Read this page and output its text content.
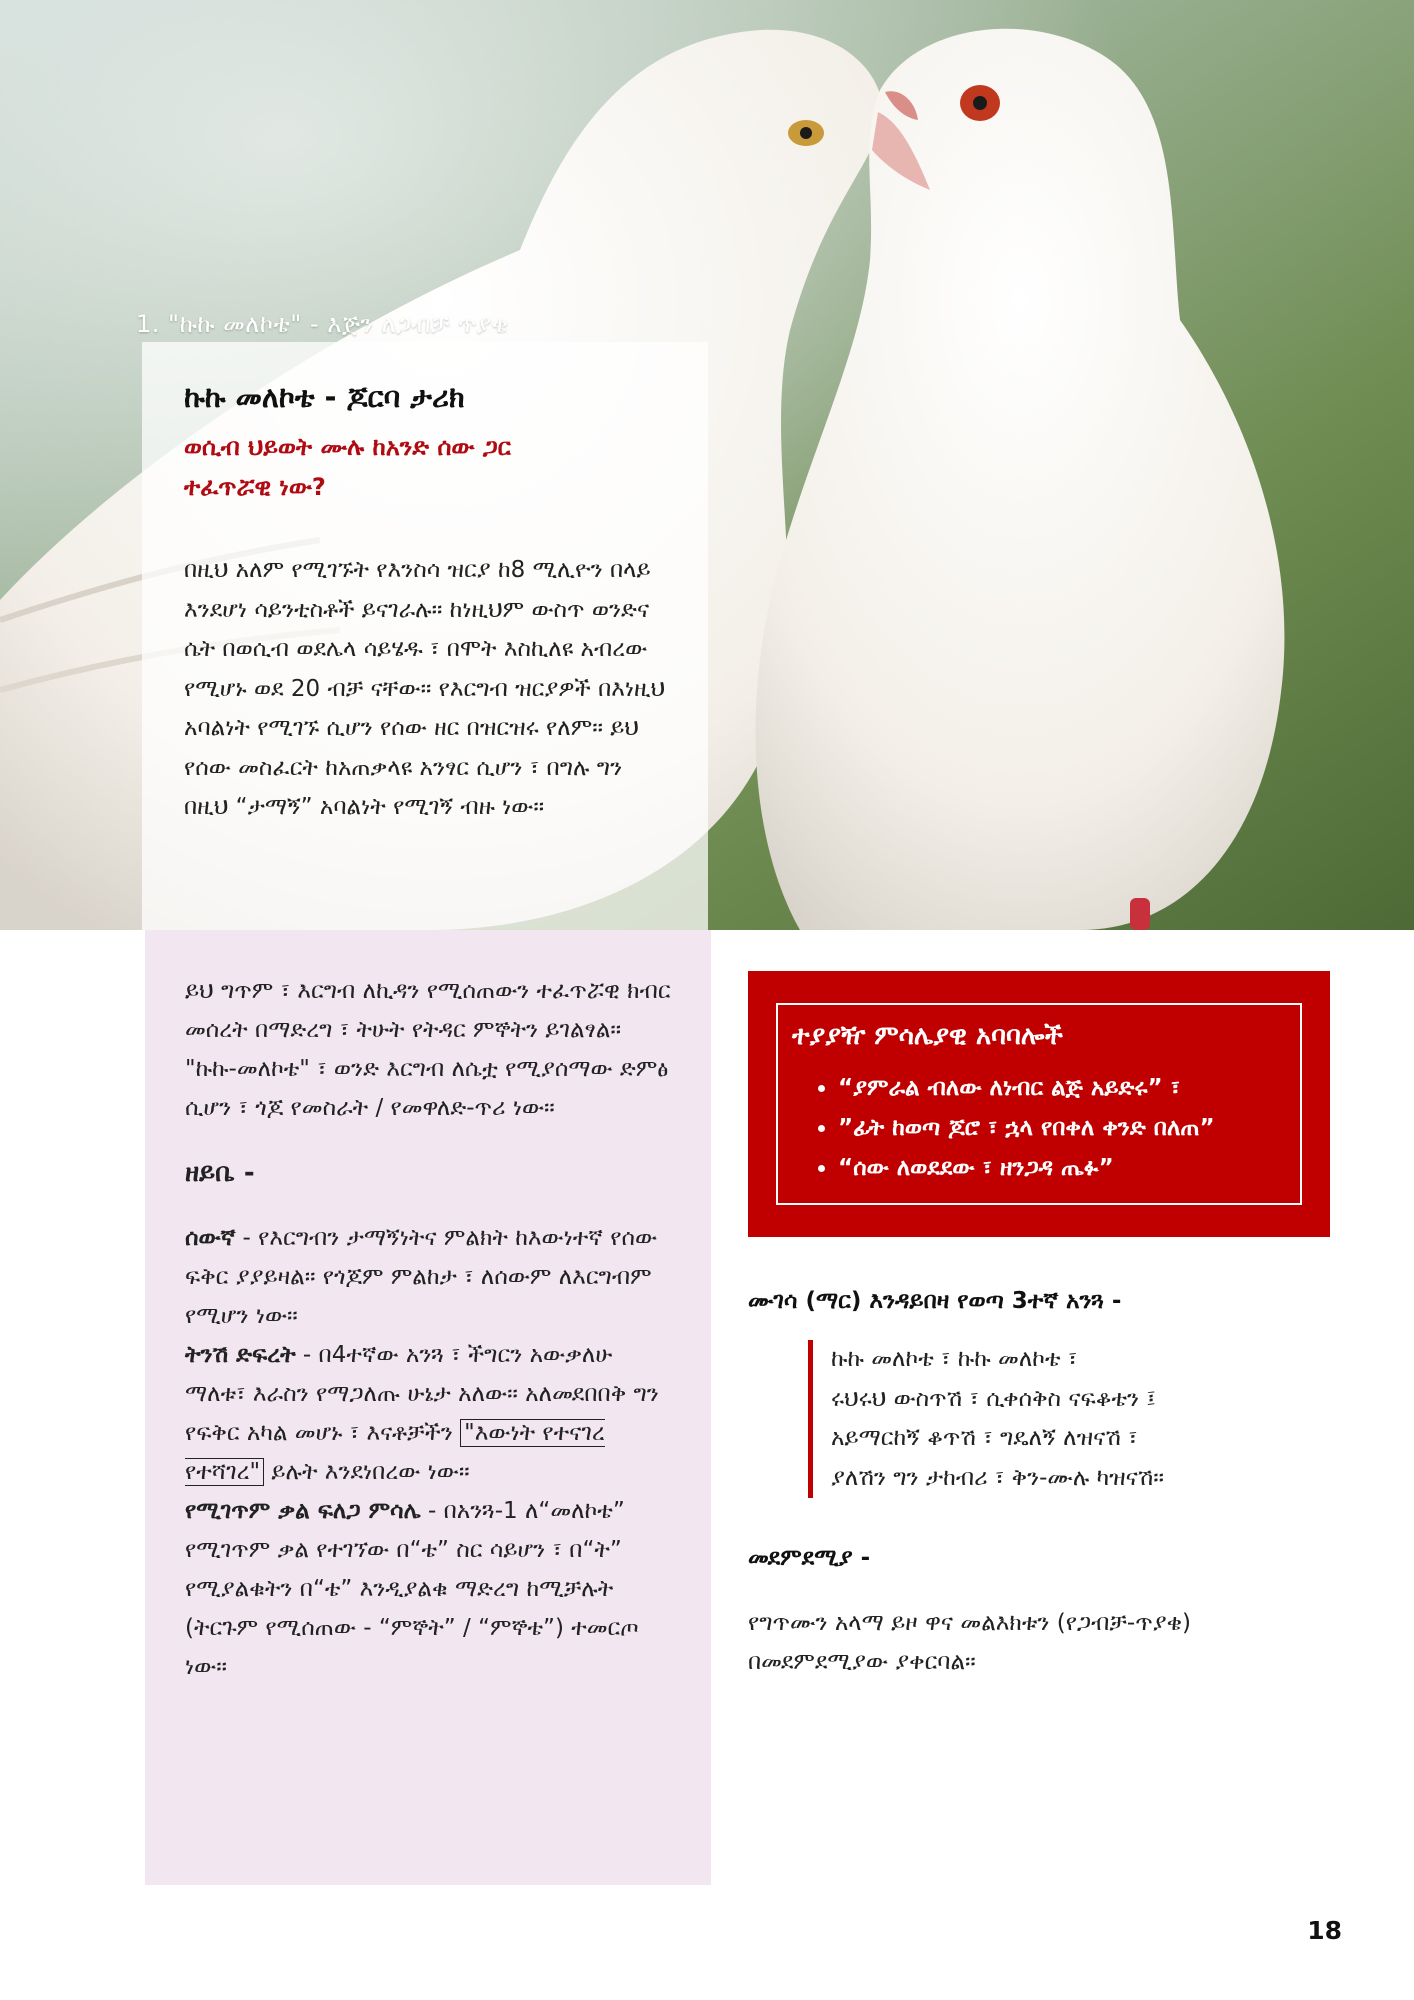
1. "ኩኩ መለኮቴ" - እጅን ለጋብቻ ጥያቄ
ኩኩ መለኮቴ - ጆርባ ታሪክ
ወሲብ ህይወት ሙሉ ከአንድ ሰው ጋር ተፈጥሯዊ ነው?
በዚህ አለም የሚገኙት የእንስሳ ዝርያ ከ8 ሚሊዮን በላይ እንደሆነ ሳይንቲስቶች ይናገራሉ። ከነዚህም ውስጥ ወንድና ሴት በወሲብ ወደሌላ ሳይሄዱ ፣ በሞት እስኪለዩ አብረው የሚሆኑ ወደ 20 ብቻ ናቸው። የእርግብ ዝርያዎች በእነዚህ አባልነት የሚገኙ ሲሆን የሰው ዘር በዝርዝሩ የለም። ይህ የሰው መስፈርት ከአጠቃላዩ አንፃር ሲሆን ፣ በግሉ ግን በዚህ “ታማኝ” አባልነት የሚገኝ ብዙ ነው።

ይህ ግጥም ፣ እርግብ ለኪዳን የሚሰጠውን ተፈጥሯዊ ክብር መሰረት በማድረግ ፣ ትሁት የትዳር ምኞትን ይገልፃል። "ኩኩ-መለኮቴ" ፣ ወንድ እርግብ ለሴቷ የሚያሰማው ድምፅ ሲሆን ፣ ጎጆ የመስራት / የመዋለድ-ጥሪ ነው።

ዘይቤ -

ሰውኛ - የእርግብን ታማኝነትና ምልክት ከእውነተኛ የሰው ፍቅር ያያይዛል። የጎጆም ምልከታ ፣ ለሰውም ለእርግብም የሚሆን ነው።

ትንሽ ድፍረት - በ4ተኛው አንጓ ፣ ችግርን አውቃለሁ ማለቱ፣ እራስን የማጋለጡ ሁኔታ አለው። አለመደበበቅ ግን የፍቅር አካል መሆኑ ፣ እናቶቻችን "እውነት የተናገረ የተሻገረ" ይሉት እንደነበረው ነው።

የሚገጥም ቃል ፍለጋ ምሳሌ - በአንጓ-1 ለ“መለኮቴ” የሚገጥም ቃል የተገኘው በ“ቴ” ስር ሳይሆን ፣ በ“ት” የሚያልቁትን በ“ቴ” እንዲያልቁ ማድረግ ከሚቻሉት (ትርጉም የሚሰጠው - “ምኞት” / “ምኞቴ”) ተመርጦ ነው።

ተያያዥ ምሳሌያዊ አባባሎች
• “ያምራል ብለው ለነብር ልጅ አይድሩ” ፣
• ”ፊት ከወጣ ጆሮ ፣ ኋላ የበቀለ ቀንድ በለጠ”
• “ሰው ለወደደው ፣ ዘንጋዳ ጤፉ”
ሙገሳ (ማር) እንዳይበዛ የወጣ 3ተኛ አንጓ -
ኩኩ መለኮቴ ፣ ኩኩ መለኮቴ ፣
ሩህሩህ ውስጥሽ ፣ ሲቀሰቅስ ናፍቆቴን ፤
አይማርከኝ ቆጥሽ ፣ ግዴለኝ ለዝናሽ ፣
ያለሽን ግን ታከብሪ ፣ ቅን-ሙሉ ካዝናሽ።
መደምደሚያ -
የግጥሙን አላማ ይዞ ዋና መልእክቱን (የጋብቻ-ጥያቄ) በመደምደሚያው ያቀርባል።
18
